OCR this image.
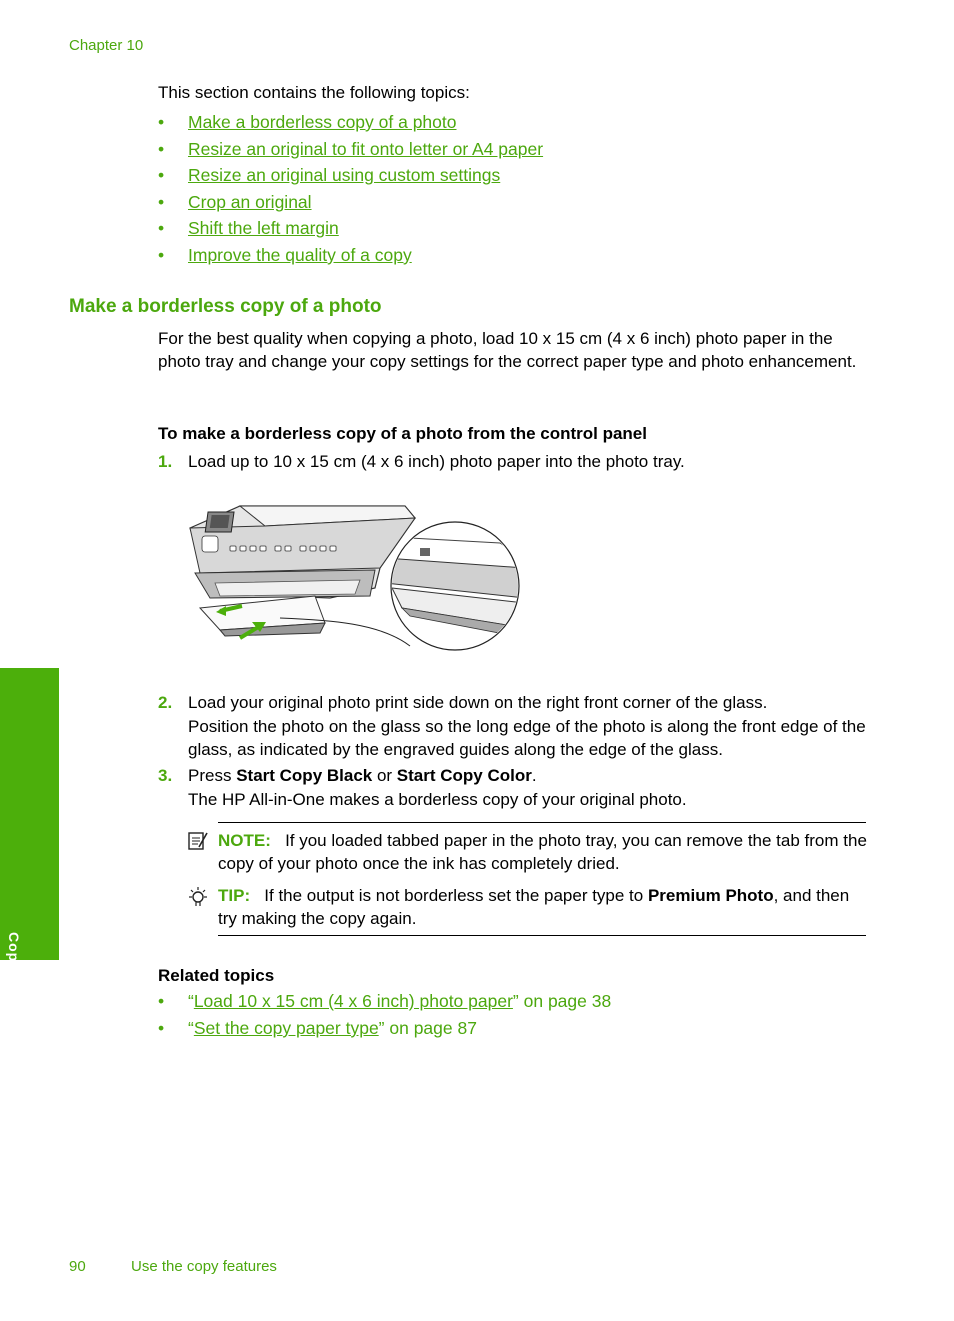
Chapter 10
This section contains the following topics:
• Make a borderless copy of a photo
• Resize an original to fit onto letter or A4 paper
• Resize an original using custom settings
• Crop an original
• Shift the left margin
• Improve the quality of a copy
Make a borderless copy of a photo
For the best quality when copying a photo, load 10 x 15 cm (4 x 6 inch) photo paper in the photo tray and change your copy settings for the correct paper type and photo enhancement.
To make a borderless copy of a photo from the control panel
1. Load up to 10 x 15 cm (4 x 6 inch) photo paper into the photo tray.
2. Load your original photo print side down on the right front corner of the glass.
Position the photo on the glass so the long edge of the photo is along the front edge of the glass, as indicated by the engraved guides along the edge of the glass.
3. Press Start Copy Black or Start Copy Color.
The HP All-in-One makes a borderless copy of your original photo.
NOTE: If you loaded tabbed paper in the photo tray, you can remove the tab from the copy of your photo once the ink has completely dried.
TIP: If the output is not borderless set the paper type to Premium Photo, and then try making the copy again.
Copy
Related topics
• “Load 10 x 15 cm (4 x 6 inch) photo paper” on page 38
• “Set the copy paper type” on page 87
90	Use the copy features
